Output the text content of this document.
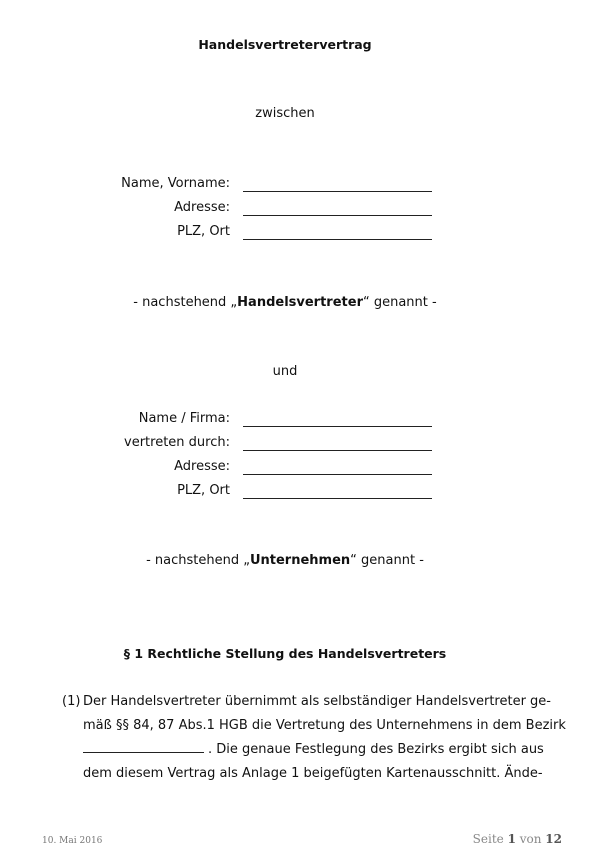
Handelsvertretervertrag
zwischen
Name, Vorname:
Adresse:
PLZ, Ort
- nachstehend „Handelsvertreter“ genannt -
und
Name / Firma:
vertreten durch:
Adresse:
PLZ, Ort
- nachstehend „Unternehmen“ genannt -
§ 1 Rechtliche Stellung des Handelsvertreters
(1) Der Handelsvertreter übernimmt als selbständiger Handelsvertreter ge-
mäß §§ 84, 87 Abs.1 HGB die Vertretung des Unternehmens in dem Bezirk
. Die genaue Festlegung des Bezirks ergibt sich aus
dem diesem Vertrag als Anlage 1 beigefügten Kartenausschnitt. Ände-
10. Mai 2016	Seite 1 von 12
